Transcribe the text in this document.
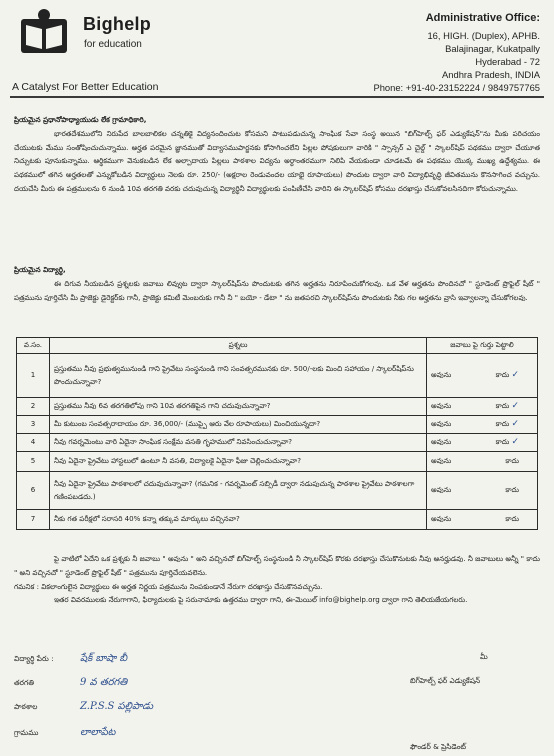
Bighelp
for education
A Catalyst For Better Education
Administrative Office:
16, HIGH. (Duplex), APHB.
Balajinagar, Kukatpally
Hyderabad - 72
Andhra Pradesh, INDIA
Phone: +91-40-23152224 / 9849757765
ప్రియమైన ప్రధానోపాధ్యాయుడు లేక గ్రామాధికారి,
భారతదేశములోని నిరుపేద బాలబాలికల చన్నతికై విద్యనందించుట కోసమని పాటుపడుచున్న సాంఘిక సేవా సంస్థ అయిన "బిగ్‌హెల్ప్ ఫర్ ఎడ్యుకేషన్"ను మీకు పరిచయం చేయుటకు మేము సంతోషించుచున్నాము. అర్హత పరమైన జ్ఞానముతో విద్యాసముపార్జనకు కోసాగించలేని పిల్లల పోషకులుగా వారికి " స్పాన్సర్ ఎ చైల్డ్ " స్కాలర్‌షిప్ పథకము ద్వారా చేయూత నిచ్చుటకు పూనుకున్నాము. ఆర్థికముగా వెనుకబడిన లేక అల్పాదాయ పిల్లలు పాఠశాల విద్యను అర్థాంతరముగా నిలిపి వేయకుండా చూడటమే ఈ పథకము యొక్క ముఖ్య ఉద్దేశ్యము. ఈ పథకములో తగిన అర్హతలతో ఎన్నుకోబడిన విద్యార్థులు నెలకు రూ. 250/- (అక్షరాల రెండువందల యాభై రూపాయలు) పొందుట ద్వారా వారి విద్యాభివృద్ధి జీవితమును కొనసాగించ వచ్చును. దయచేసి మీరు ఈ పత్రములను 6 నుండి 10వ తరగతి వరకు చదువుచున్న విద్యార్థినీ విద్యార్థులకు పంపిణీచేసి వారిని ఈ స్కాలర్‌షిప్ కోసము దరఖాస్తు చేసుకోవలసినదిగా కోరుచున్నాము.
ప్రియమైన విద్యార్థి,
ఈ దిగువ నీయబడిన ప్రశ్నలకు జవాబు లివ్వుట ద్వారా స్కాలర్‌షిప్‌ను పొందుటకు తగిన అర్హతను నిరూపించుకోగలవు. ఒక వేళ అర్హతను పొందినచో " స్టూడెంట్ ప్రొఫైల్ షీట్ " పత్రమును పూర్తిచేసి మీ ప్రాజెక్టు డైరెక్టర్‌కు గానీ, ప్రాజెక్టు కమిటీ మెంబరుకు గానీ నీ " బయో - డేటా " ను జతపరచి స్కాలర్‌షిప్‌ను పొందుటకు నీకు గల అర్హతను వ్రాసి ఇవ్వాలన్నా చేసుకోగలవు.
వ.సం.	ప్రశ్నలు	జవాబు పై గుర్తు పెట్టాలి
1	ప్రస్తుతము నీవు ప్రభుత్వమునుండి గాని ప్రైవేటు సంస్థనుండి గాని సంవత్సరమునకు రూ. 500/-లకు మించి సహాయం / స్కాలర్‌షిప్‌ను పొందుచున్నావా?	అవును కాదు ✓
2	ప్రస్తుతము నీవు 6వ తరగతిలోపు గాని 10వ తరగతిపైన గాని చదువుచున్నావా?	అవును కాదు ✓
3	మీ కుటుంబ సంవత్సరాదాయం రూ. 36,000/- (ముప్పై ఆరు వేల రూపాయలు) మించియున్నదా?	అవును కాదు ✓
4	నీవు గవర్నమెంటు వారి ఏదైనా సాంఘిక సంక్షేమ వసతి గృహములో నివసించుచున్నావా?	అవును కాదు ✓
5	నీవు ఏదైనా ప్రైవేటు హాస్టలులో ఉంటూ నీ వసతి, విద్యాలకై ఏదైనా ఫీజు చెల్లించుచున్నావా?	అవును కాదు
6	నీవు ఏదైనా ప్రైవేటు పాఠశాలలో చదువుచున్నావా? (గమనిక - గవర్నమెంట్ సబ్సిడీ ద్వారా నడుపుచున్న పాఠశాల ప్రైవేటు పాఠశాలగా గణింపబడదు.)	అవును కాదు
7	నీకు గత పరీక్షలో సరాసరి 40% కన్నా తక్కువ మార్కులు వచ్చినవా?	అవును కాదు
పై వాటిలో ఏదేని ఒక ప్రశ్నకు నీ జవాబు " అవును " అని వచ్చినచో బిగ్‌హెల్ప్ సంస్థనుండి నీ స్కాలర్‌షిప్ కొరకు దరఖాస్తు చేసుకొనుటకు నీవు అనర్హుడవు. నీ జవాబులు అన్నీ " కాదు " అని వచ్చినచో " స్టూడెంట్ ప్రొఫైల్ షీట్ " పత్రమును పూర్తిచేయవలెను.
గమనిక : వికలాంగులైన విద్యార్థులు ఈ అర్హత నిర్ణయ పత్రమును నింపకుండానే నేరుగా దరఖాస్తు చేసుకొనవచ్చును.
ఇతర వివరములకు నేరుగాగాని, ఫిర్యాదులకు పై సరునామాకు ఉత్తరము ద్వారా గాని, ఈ-మెయిల్ info@bighelp.org ద్వారా గాని తెలియజేయగలరు.
విద్యార్థి పేరు :	షేక్ బాషా బీ
తరగతి	9 వ తరగతి
పాఠశాల	Z.P.S.S పల్లిపాడు
గ్రామము	లాలాపేట
మీ
బిగ్‌హెల్ప్ ఫర్ ఎడ్యుకేషన్
ఫౌండర్ & ప్రెసిడెంట్
